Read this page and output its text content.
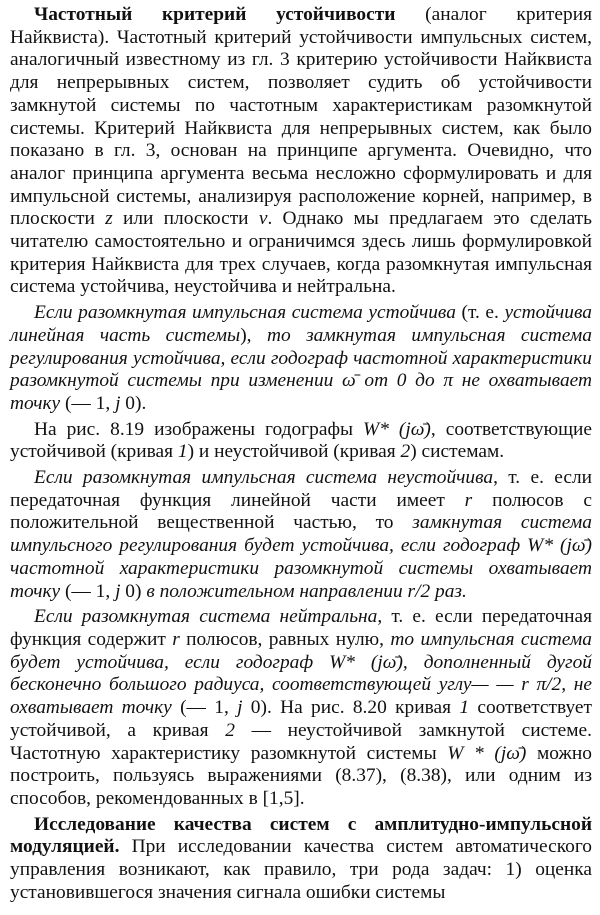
Частотный критерий устойчивости (аналог критерия Найквиста). Частотный критерий устойчивости импульсных систем, аналогичный известному из гл. 3 критерию устойчивости Найквиста для непрерывных систем, позволяет судить об устойчивости замкнутой системы по частотным характеристикам разомкнутой системы. Критерий Найквиста для непрерывных систем, как было показано в гл. 3, основан на принципе аргумента. Очевидно, что аналог принципа аргумента весьма несложно сформулировать и для импульсной системы, анализируя расположение корней, например, в плоскости z или плоскости v. Однако мы предлагаем это сделать читателю самостоятельно и ограничимся здесь лишь формулировкой критерия Найквиста для трех случаев, когда разомкнутая импульсная система устойчива, неустойчива и нейтральна.

Если разомкнутая импульсная система устойчива (т. е. устойчива линейная часть системы), то замкнутая импульсная система регулирования устойчива, если годограф частотной характеристики разомкнутой системы при изменении ω̄ от 0 до π не охватывает точку (— 1, j 0).

На рис. 8.19 изображены годографы W* (jω̄), соответствующие устойчивой (кривая 1) и неустойчивой (кривая 2) системам.

Если разомкнутая импульсная система неустойчива, т. е. если передаточная функция линейной части имеет r полюсов с положительной вещественной частью, то замкнутая система импульсного регулирования будет устойчива, если годограф W* (jω̄) частотной характеристики разомкнутой системы охватывает точку (— 1, j 0) в положительном направлении r/2 раз.

Если разомкнутая система нейтральна, т. е. если передаточная функция содержит r полюсов, равных нулю, то импульсная система будет устойчива, если годограф W* (jω̄), дополненный дугой бесконечно большого радиуса, соответствующей углу— — r π/2, не охватывает точку (— 1, j 0). На рис. 8.20 кривая 1 соответствует устойчивой, а кривая 2 — неустойчивой замкнутой системе. Частотную характеристику разомкнутой системы W * (jω̄) можно построить, пользуясь выражениями (8.37), (8.38), или одним из способов, рекомендованных в [1,5].

Исследование качества систем с амплитудно-импульсной модуляцией. При исследовании качества систем автоматического управления возникают, как правило, три рода задач: 1) оценка установившегося значения сигнала ошибки системы
